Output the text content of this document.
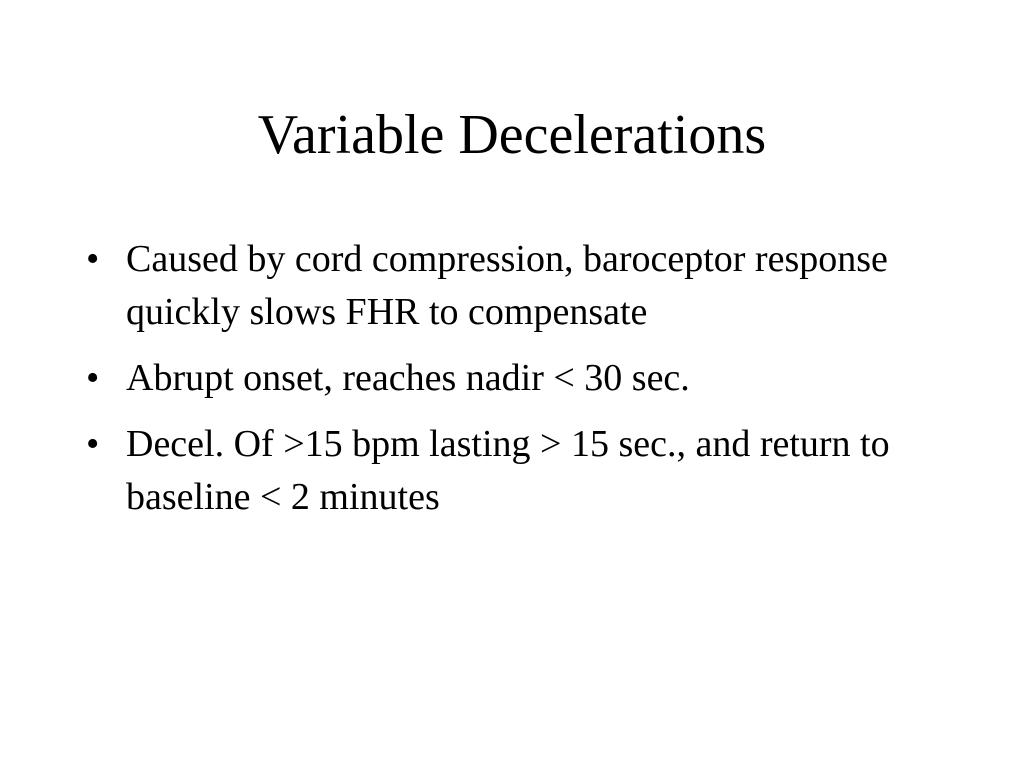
Variable Decelerations
• Caused by cord compression, baroceptor response quickly slows FHR to compensate
• Abrupt onset, reaches nadir < 30 sec.
• Decel. Of >15 bpm lasting > 15 sec., and return to baseline < 2 minutes
